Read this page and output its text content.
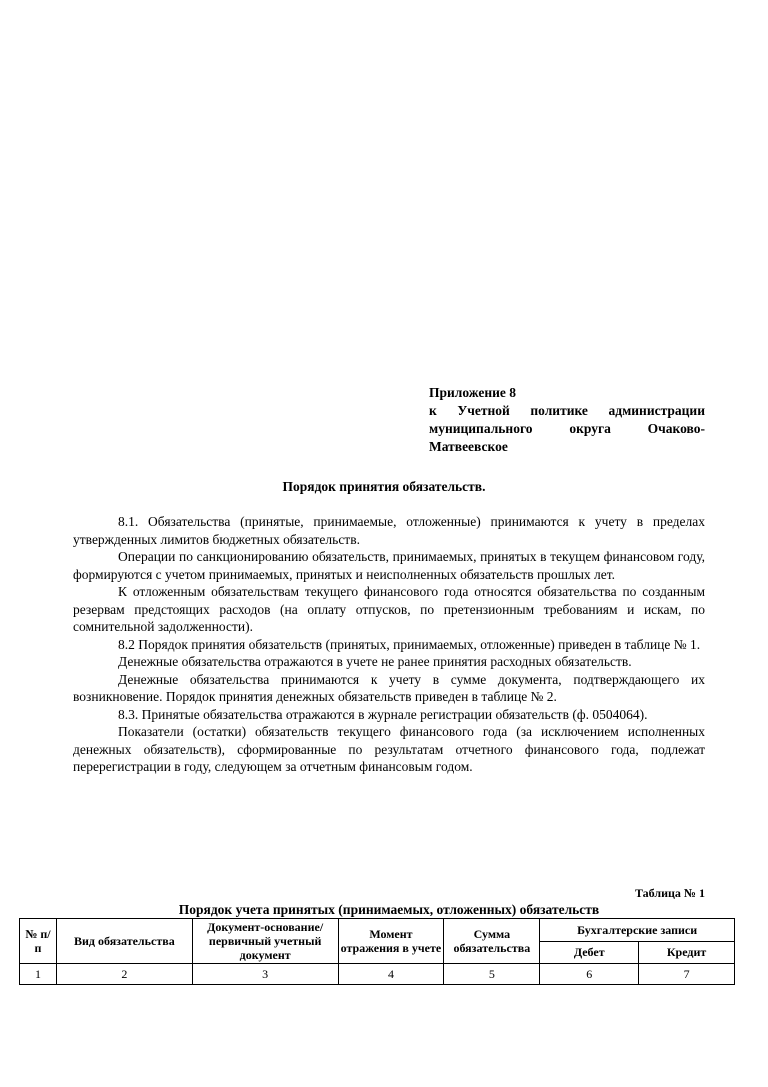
Приложение 8
к Учетной политике администрации
муниципального округа Очаково-
Матвеевское
Порядок принятия обязательств.

8.1. Обязательства (принятые, принимаемые, отложенные) принимаются к учету в пределах утвержденных лимитов бюджетных обязательств.

Операции по санкционированию обязательств, принимаемых, принятых в текущем финансовом году, формируются с учетом принимаемых, принятых и неисполненных обязательств прошлых лет.

К отложенным обязательствам текущего финансового года относятся обязательства по созданным резервам предстоящих расходов (на оплату отпусков, по претензионным требованиям и искам, по сомнительной задолженности).

8.2 Порядок принятия обязательств (принятых, принимаемых, отложенные) приведен в таблице № 1.

Денежные обязательства отражаются в учете не ранее принятия расходных обязательств.

Денежные обязательства принимаются к учету в сумме документа, подтверждающего их возникновение. Порядок принятия денежных обязательств приведен в таблице № 2.

8.3. Принятые обязательства отражаются в журнале регистрации обязательств (ф. 0504064).

Показатели (остатки) обязательств текущего финансового года (за исключением исполненных денежных обязательств), сформированные по результатам отчетного финансового года, подлежат перерегистрации в году, следующем за отчетным финансовым годом.

Таблица № 1
Порядок учета принятых (принимаемых, отложенных) обязательств
№ п/п	Вид обязательства	Документ-основание/ первичный учетный документ	Момент отражения в учете	Сумма обязательства	Бухгалтерские записи	
					Дебет	Кредит
1	2	3	4	5	6	7
